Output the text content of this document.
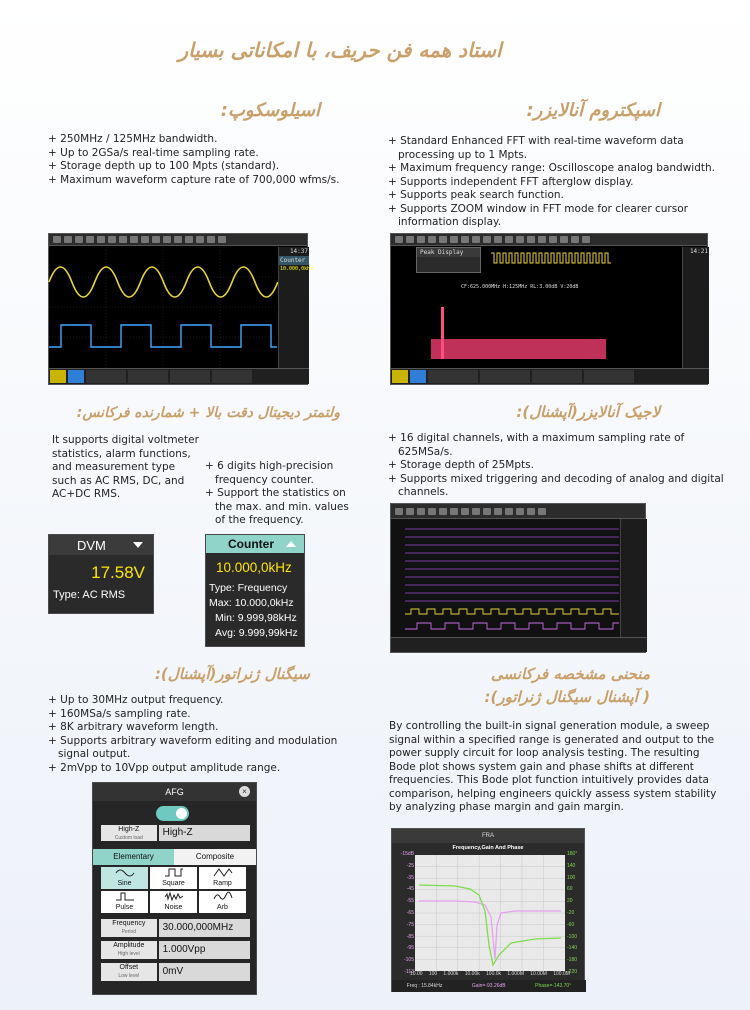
استاد همه فن حریف، با امکاناتی بسیار
اسیلوسکوپ:
+ 250MHz / 125MHz bandwidth.
+ Up to 2GSa/s real-time sampling rate.
+ Storage depth up to 100 Mpts (standard).
+ Maximum waveform capture rate of 700,000 wfms/s.
14:37
Counter
10.000,0kHz
اسپکتروم آنالایزر:
+ Standard Enhanced FFT with real-time waveform data processing up to 1 Mpts.
+ Maximum frequency range: Oscilloscope analog bandwidth.
+ Supports independent FFT afterglow display.
+ Supports peak search function.
+ Supports ZOOM window in FFT mode for clearer cursor information display.
Peak Display
CF:625.000MHz H:125MHz RL:3.00dB V:20dB
14:21
ولتمتر دیجیتال دقت بالا + شمارنده فرکانس:
It supports digital voltmeter statistics, alarm functions, and measurement type such as AC RMS, DC, and AC+DC RMS.
+ 6 digits high-precision frequency counter.
+ Support the statistics on the max. and min. values of the frequency.
DVM
17.58V
Type: AC RMS
Counter
10.000,0kHz
Type: Frequency
Max: 10.000,0kHz
Min: 9.999,98kHz
Avg: 9.999,99kHz
لاجیک آنالایزر(آپشنال):
+ 16 digital channels, with a maximum sampling rate of 625MSa/s.
+ Storage depth of 25Mpts.
+ Supports mixed triggering and decoding of analog and digital channels.
سیگنال ژنراتور(آپشنال):
+ Up to 30MHz output frequency.
+ 160MSa/s sampling rate.
+ 8K arbitrary waveform length.
+ Supports arbitrary waveform editing and modulation signal output.
+ 2mVpp to 10Vpp output amplitude range.
AFG	×
High-Z
Custom load	High-Z
Elementary	Composite
Sine	Square	Ramp
Pulse	Noise	Arb
Frequency
Period	30.000,000MHz
Amplitude
High level	1.000Vpp
Offset
Low level	0mV
منحنی مشخصه فرکانسی
( آپشنال سیگنال ژنراتور):
By controlling the built-in signal generation module, a sweep signal within a specified range is generated and output to the power supply circuit for loop analysis testing. The resulting Bode plot shows system gain and phase shifts at different frequencies. This Bode plot function intuitively provides data comparison, helping engineers quickly assess system stability by analyzing phase margin and gain margin.
FRA
Frequency,Gain And Phase
-15dB
-25
-35
-45
-55
-65
-75
-85
-95
-105
-113
180°
140
100
60
20
-20
-60
-100
-140
-180
-220
10.00 100 1.000k 10.00k 100.0k 1.000M 10.00M 100.0M
Freq : 15.84kHz	Gain=-93.26dB	Phase=-143.70°
